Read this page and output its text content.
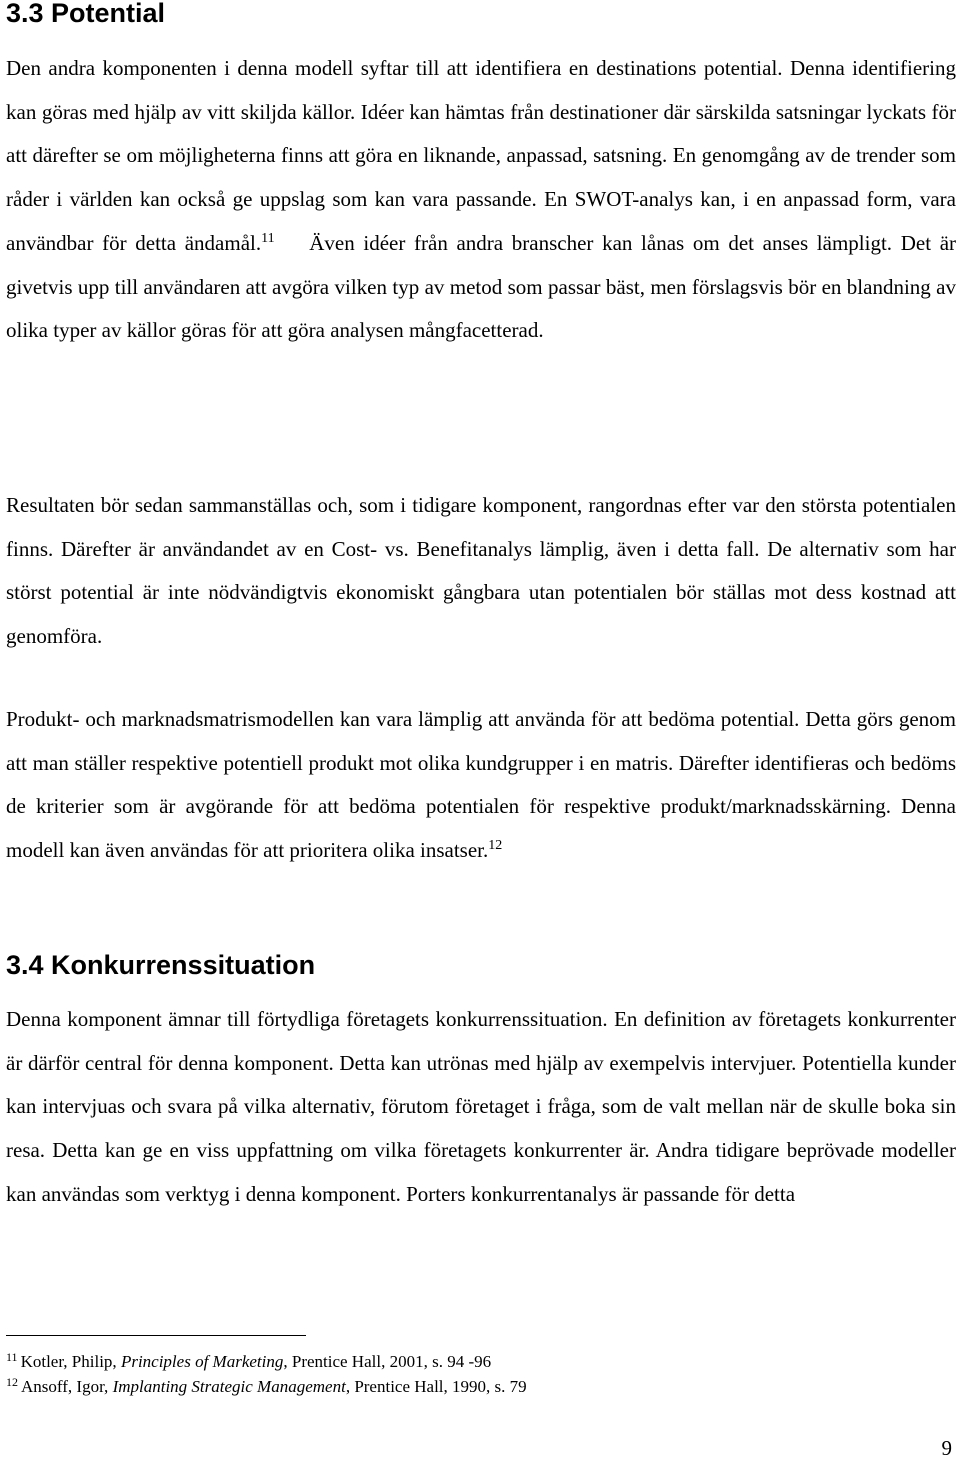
3.3 Potential

Den andra komponenten i denna modell syftar till att identifiera en destinations potential. Denna identifiering kan göras med hjälp av vitt skiljda källor. Idéer kan hämtas från destinationer där särskilda satsningar lyckats för att därefter se om möjligheterna finns att göra en liknande, anpassad, satsning. En genomgång av de trender som råder i världen kan också ge uppslag som kan vara passande. En SWOT-analys kan, i en anpassad form, vara användbar för detta ändamål.$^{11}$ Även idéer från andra branscher kan lånas om det anses lämpligt. Det är givetvis upp till användaren att avgöra vilken typ av metod som passar bäst, men förslagsvis bör en blandning av olika typer av källor göras för att göra analysen mångfacetterad.

Resultaten bör sedan sammanställas och, som i tidigare komponent, rangordnas efter var den största potentialen finns. Därefter är användandet av en Cost- vs. Benefitanalys lämplig, även i detta fall. De alternativ som har störst potential är inte nödvändigtvis ekonomiskt gångbara utan potentialen bör ställas mot dess kostnad att genomföra.

Produkt- och marknadsmatrismodellen kan vara lämplig att använda för att bedöma potential. Detta görs genom att man ställer respektive potentiell produkt mot olika kundgrupper i en matris. Därefter identifieras och bedöms de kriterier som är avgörande för att bedöma potentialen för respektive produkt/marknadsskärning. Denna modell kan även användas för att prioritera olika insatser.$^{12}$

3.4 Konkurrenssituation

Denna komponent ämnar till förtydliga företagets konkurrenssituation. En definition av företagets konkurrenter är därför central för denna komponent. Detta kan utrönas med hjälp av exempelvis intervjuer. Potentiella kunder kan intervjuas och svara på vilka alternativ, förutom företaget i fråga, som de valt mellan när de skulle boka sin resa. Detta kan ge en viss uppfattning om vilka företagets konkurrenter är. Andra tidigare beprövade modeller kan användas som verktyg i denna komponent. Porters konkurrentanalys är passande för detta

$^{11}$ Kotler, Philip, Principles of Marketing, Prentice Hall, 2001, s. 94 -96
$^{12}$ Ansoff, Igor, Implanting Strategic Management, Prentice Hall, 1990, s. 79
9
